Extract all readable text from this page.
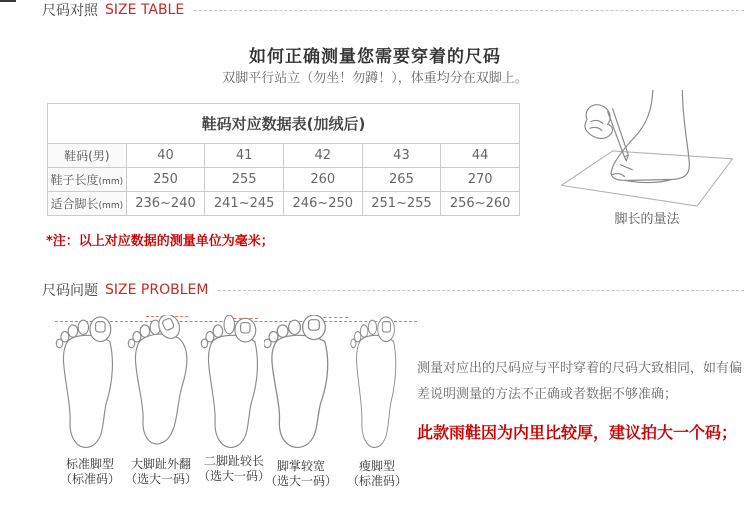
尺码对照 SIZE TABLE
如何正确测量您需要穿着的尺码
双脚平行站立（勿坐！勿蹲！），体重均分在双脚上。
鞋码对应数据表(加绒后)					
鞋码(男)	40	41	42	43	44
鞋子长度(mm)	250	255	260	265	270
适合脚长(mm)	236~240	241~245	246~250	251~255	256~260
脚长的量法
*注：以上对应数据的测量单位为毫米；
尺码问题 SIZE PROBLEM
标准脚型
（标准码）
大脚趾外翻
（选大一码）
二脚趾较长
（选大一码）
脚掌较宽
（选大一码）
瘦脚型
（标准码）
测量对应出的尺码应与平时穿着的尺码大致相同，如有偏差说明测量的方法不正确或者数据不够准确；
此款雨鞋因为内里比较厚，建议拍大一个码；
